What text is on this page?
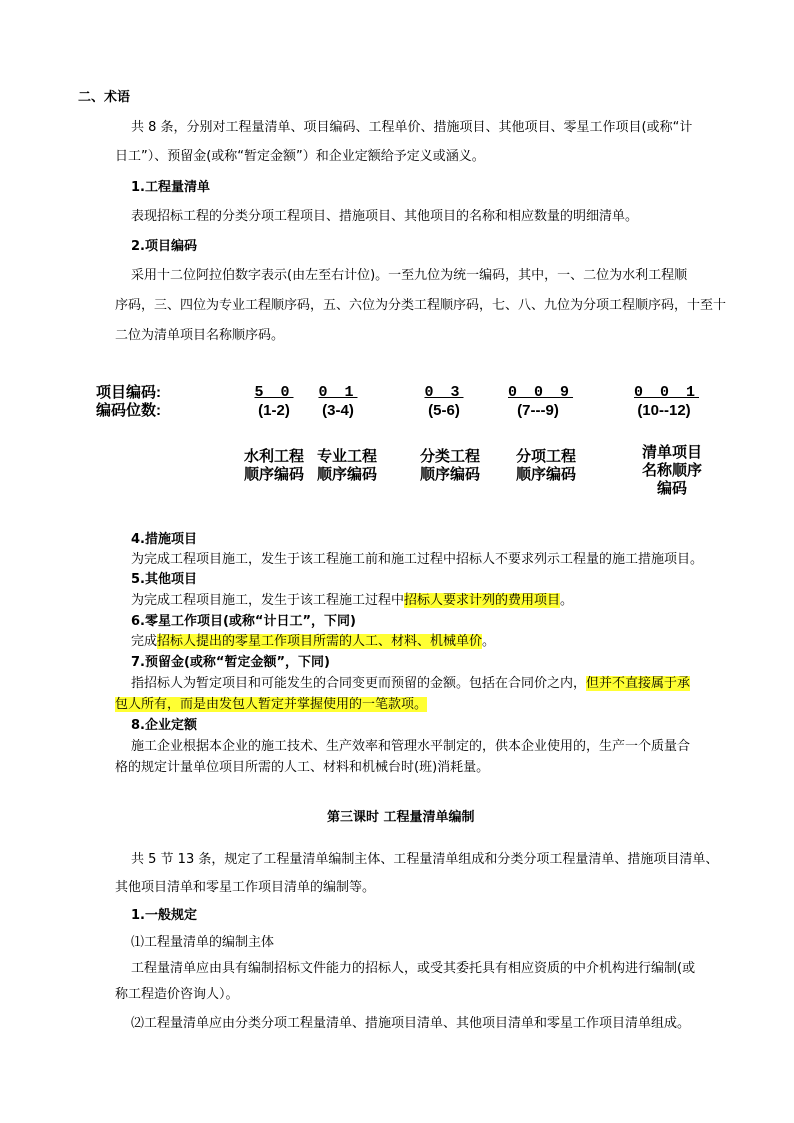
二、术语
共 8 条，分别对工程量清单、项目编码、工程单价、措施项目、其他项目、零星工作项目(或称“计
日工”）、预留金(或称“暂定金额”）和企业定额给予定义或涵义。
1.工程量清单
表现招标工程的分类分项工程项目、措施项目、其他项目的名称和相应数量的明细清单。
2.项目编码
采用十二位阿拉伯数字表示(由左至右计位)。一至九位为统一编码，其中，一、二位为水利工程顺
序码，三、四位为专业工程顺序码，五、六位为分类工程顺序码，七、八、九位为分项工程顺序码，十至十
二位为清单项目名称顺序码。
项目编码:
编码位数:
5 0
(1-2)
0 1
(3-4)
0 3
(5-6)
0 0 9
(7---9)
0 0 1
(10--12)
水利工程
顺序编码
专业工程
顺序编码
分类工程
顺序编码
分项工程
顺序编码
清单项目
名称顺序
编码
4.措施项目
为完成工程项目施工，发生于该工程施工前和施工过程中招标人不要求列示工程量的施工措施项目。
5.其他项目
为完成工程项目施工，发生于该工程施工过程中招标人要求计列的费用项目。
6.零星工作项目(或称“计日工”，下同)
完成招标人提出的零星工作项目所需的人工、材料、机械单价。
7.预留金(或称“暂定金额”，下同)
指招标人为暂定项目和可能发生的合同变更而预留的金额。包括在合同价之内，但并不直接属于承
包人所有，而是由发包人暂定并掌握使用的一笔款项。
8.企业定额
施工企业根据本企业的施工技术、生产效率和管理水平制定的，供本企业使用的，生产一个质量合
格的规定计量单位项目所需的人工、材料和机械台时(班)消耗量。
第三课时 工程量清单编制
共 5 节 13 条，规定了工程量清单编制主体、工程量清单组成和分类分项工程量清单、措施项目清单、
其他项目清单和零星工作项目清单的编制等。
1.一般规定
⑴工程量清单的编制主体
工程量清单应由具有编制招标文件能力的招标人，或受其委托具有相应资质的中介机构进行编制(或
称工程造价咨询人）。
⑵工程量清单应由分类分项工程量清单、措施项目清单、其他项目清单和零星工作项目清单组成。
